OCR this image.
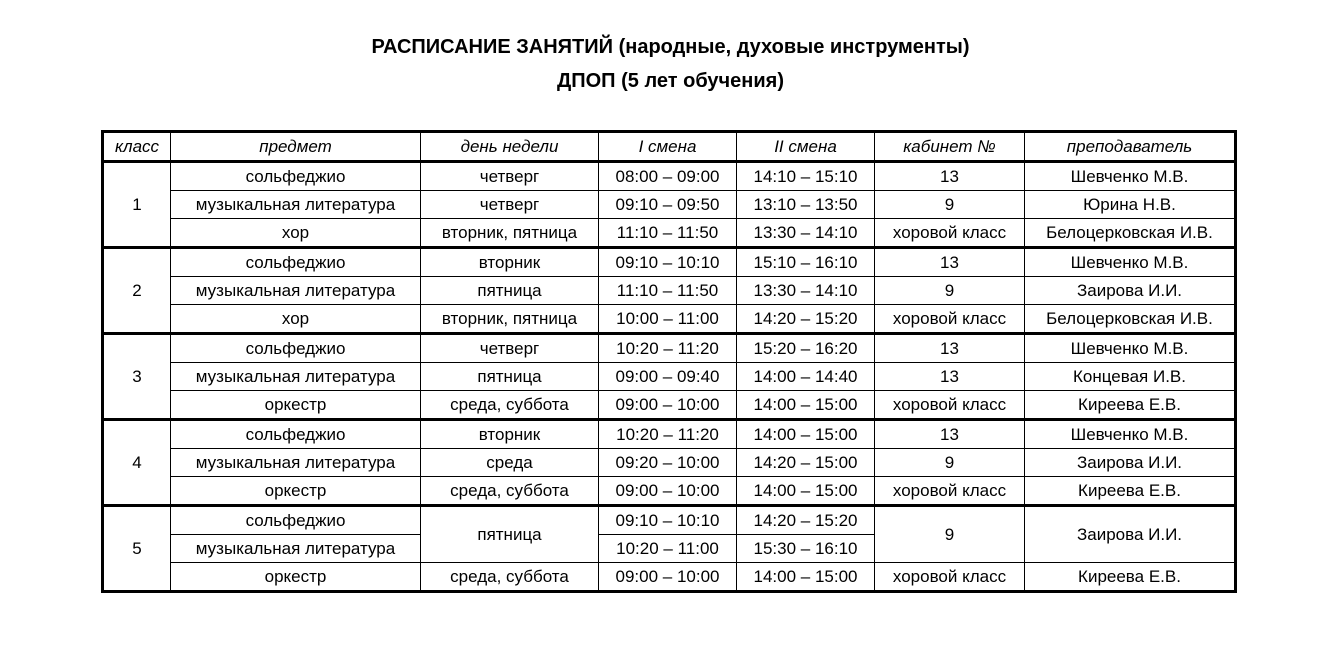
РАСПИСАНИЕ ЗАНЯТИЙ (народные, духовые инструменты)
ДПОП (5 лет обучения)
класс	предмет	день недели	I смена	II смена	кабинет №	преподаватель
1	сольфеджио	четверг	08:00 – 09:00	14:10 – 15:10	13	Шевченко М.В.
	музыкальная литература	четверг	09:10 – 09:50	13:10 – 13:50	9	Юрина Н.В.
	хор	вторник, пятница	11:10 – 11:50	13:30 – 14:10	хоровой класс	Белоцерковская И.В.
2	сольфеджио	вторник	09:10 – 10:10	15:10 – 16:10	13	Шевченко М.В.
	музыкальная литература	пятница	11:10 – 11:50	13:30 – 14:10	9	Заирова И.И.
	хор	вторник, пятница	10:00 – 11:00	14:20 – 15:20	хоровой класс	Белоцерковская И.В.
3	сольфеджио	четверг	10:20 – 11:20	15:20 – 16:20	13	Шевченко М.В.
	музыкальная литература	пятница	09:00 – 09:40	14:00 – 14:40	13	Концевая И.В.
	оркестр	среда, суббота	09:00 – 10:00	14:00 – 15:00	хоровой класс	Киреева Е.В.
4	сольфеджио	вторник	10:20 – 11:20	14:00 – 15:00	13	Шевченко М.В.
	музыкальная литература	среда	09:20 – 10:00	14:20 – 15:00	9	Заирова И.И.
	оркестр	среда, суббота	09:00 – 10:00	14:00 – 15:00	хоровой класс	Киреева Е.В.
5	сольфеджио	пятница	09:10 – 10:10	14:20 – 15:20	9	Заирова И.И.
	музыкальная литература		10:20 – 11:00	15:30 – 16:10		
	оркестр	среда, суббота	09:00 – 10:00	14:00 – 15:00	хоровой класс	Киреева Е.В.
